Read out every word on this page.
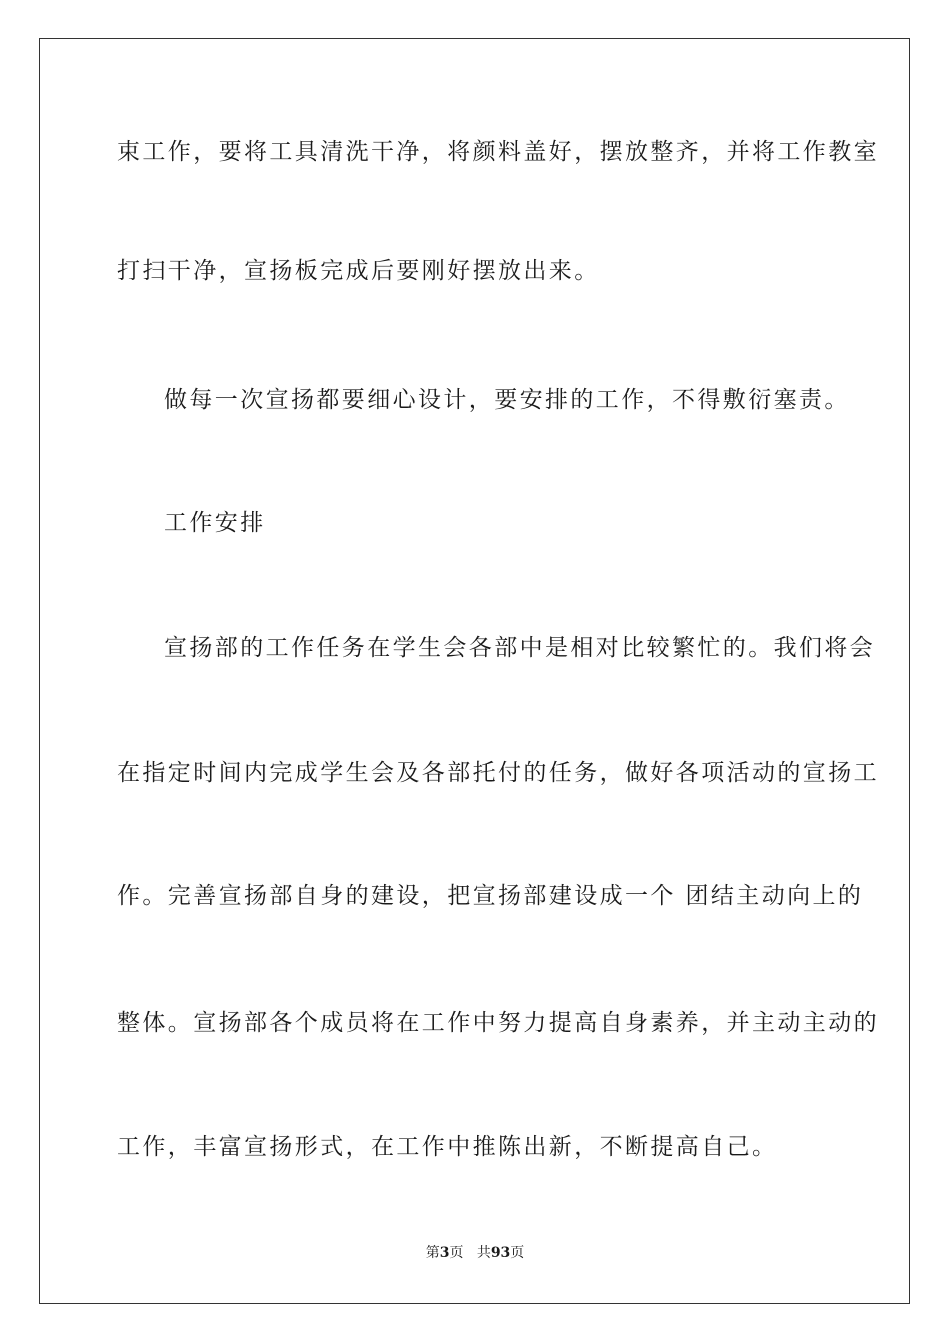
束工作，要将工具清洗干净，将颜料盖好，摆放整齐，并将工作教室
打扫干净，宣扬板完成后要刚好摆放出来。
做每一次宣扬都要细心设计，要安排的工作，不得敷衍塞责。
工作安排
宣扬部的工作任务在学生会各部中是相对比较繁忙的。我们将会
在指定时间内完成学生会及各部托付的任务，做好各项活动的宣扬工
作。完善宣扬部自身的建设，把宣扬部建设成一个 团结主动向上的
整体。宣扬部各个成员将在工作中努力提高自身素养，并主动主动的
工作，丰富宣扬形式，在工作中推陈出新，不断提高自己。
第3页 共93页
